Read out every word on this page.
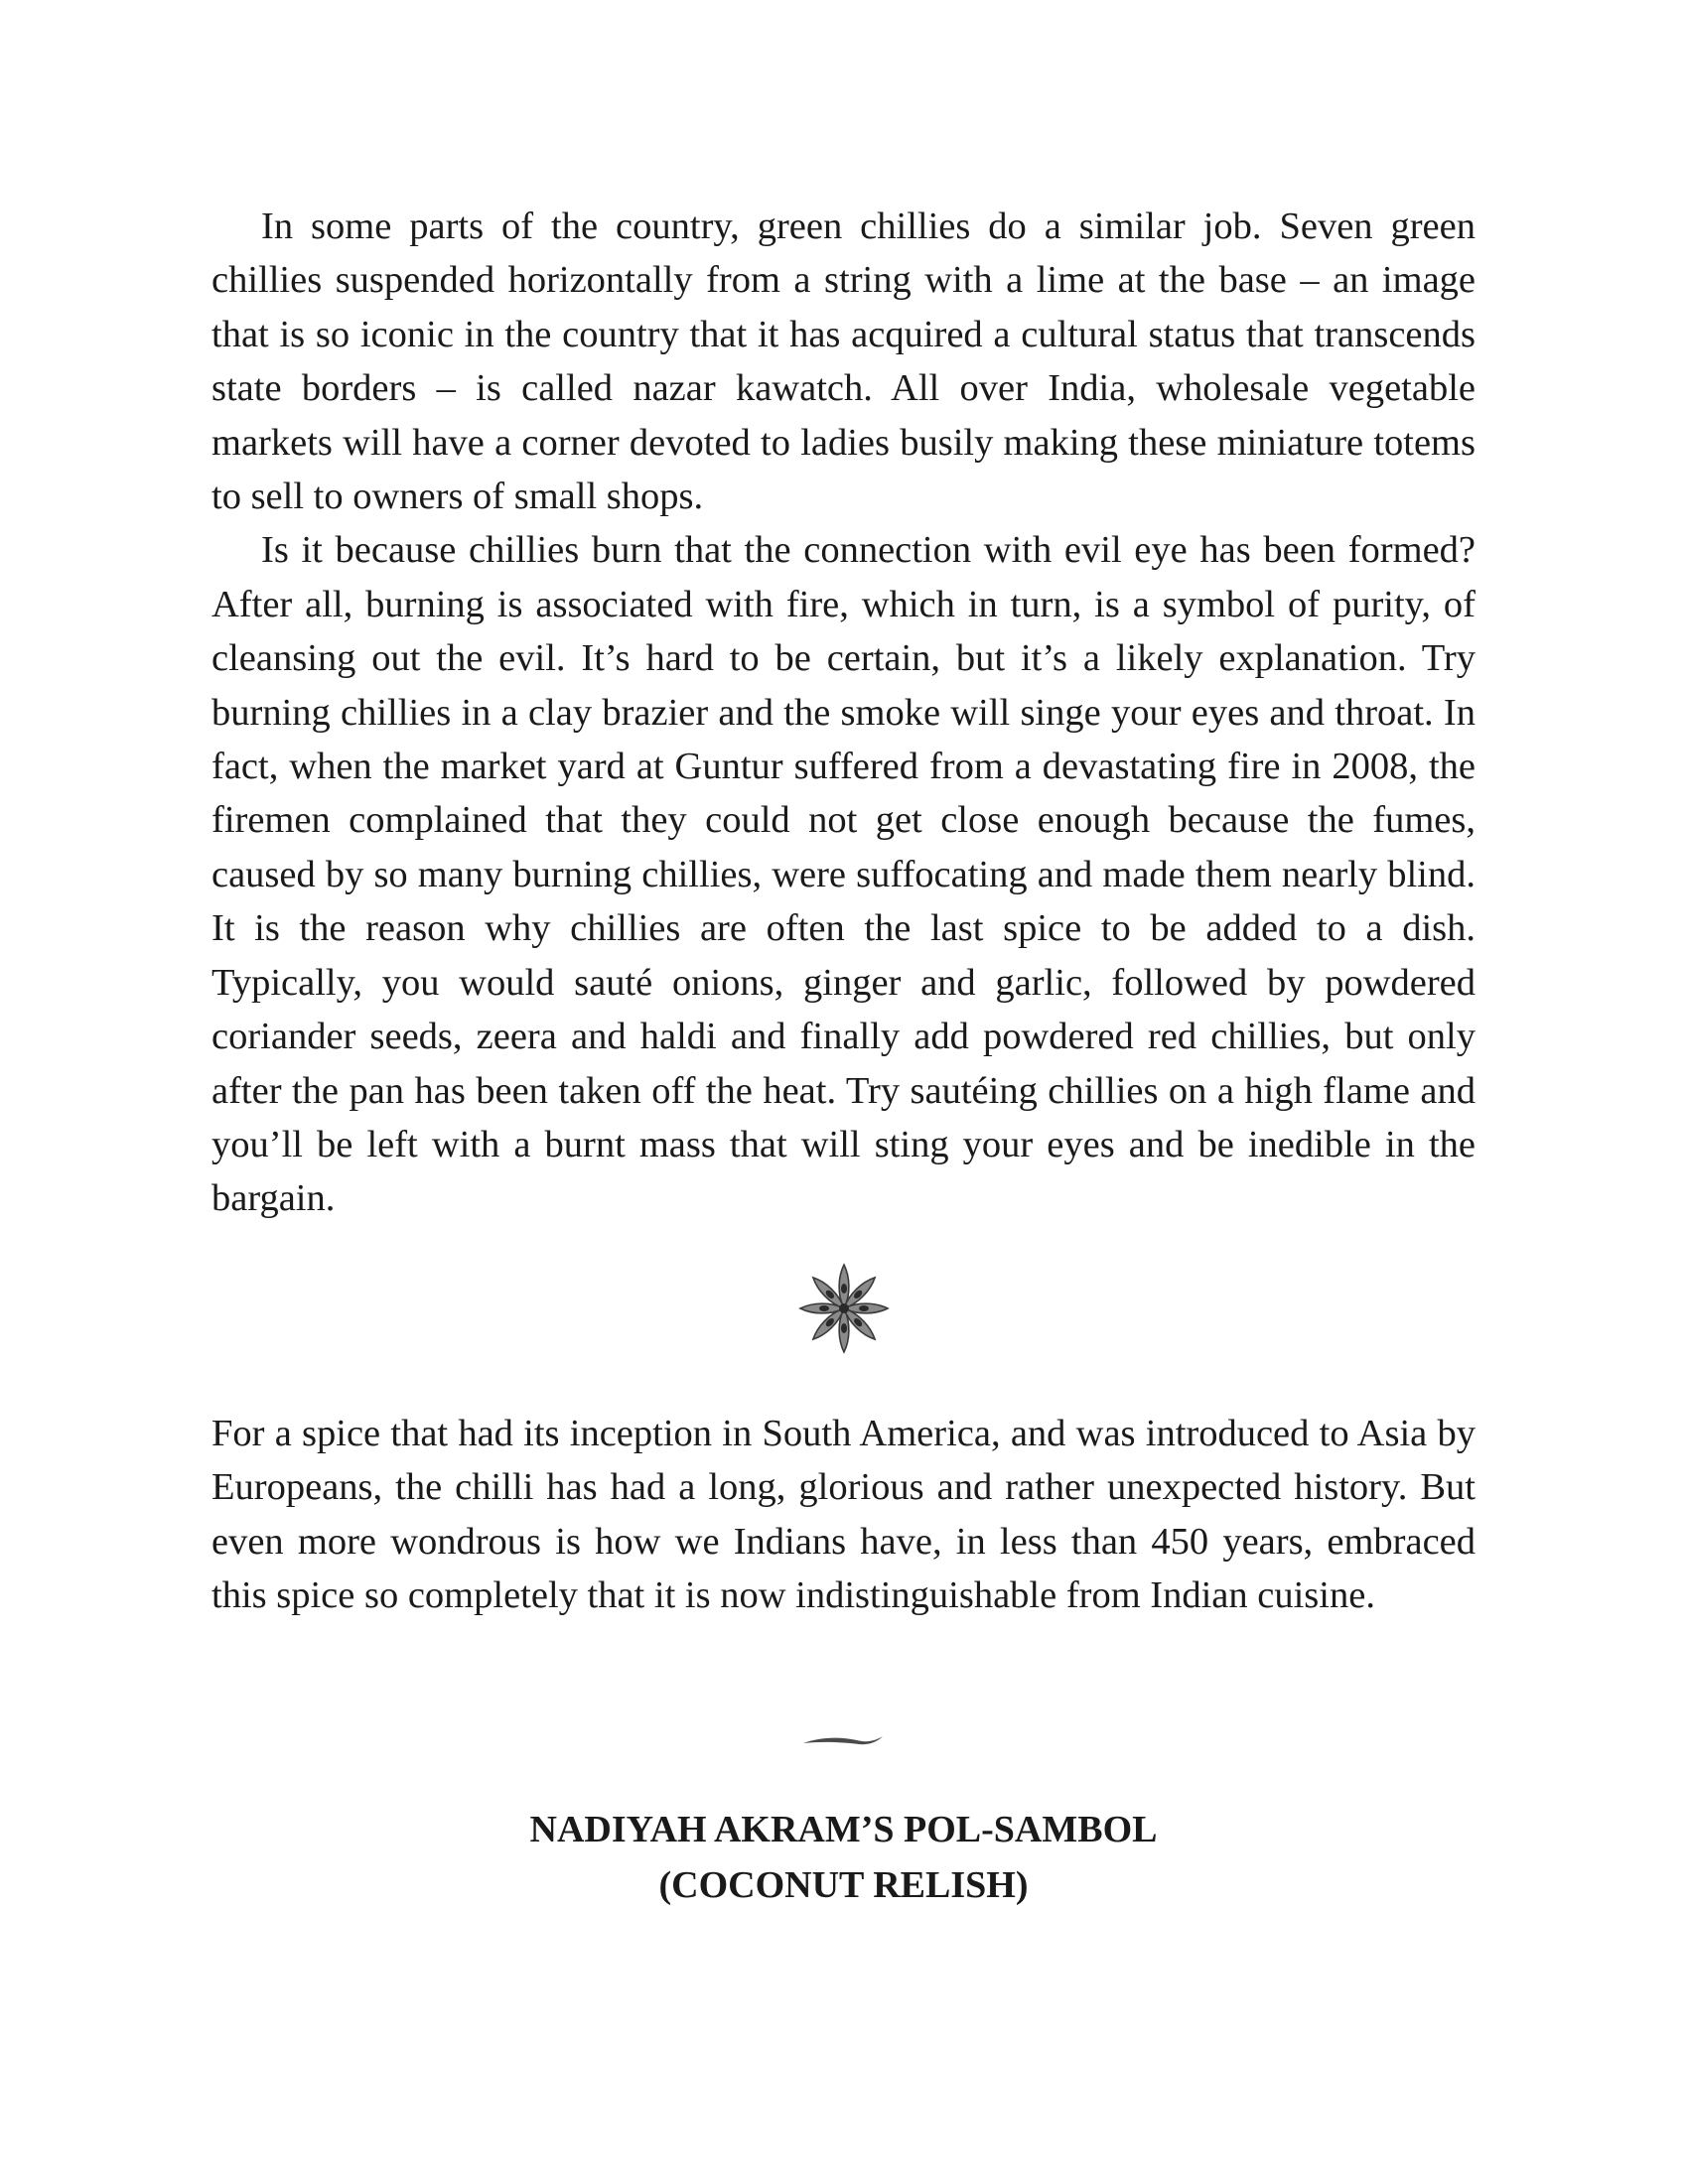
In some parts of the country, green chillies do a similar job. Seven green chillies suspended horizontally from a string with a lime at the base – an image that is so iconic in the country that it has acquired a cultural status that transcends state borders – is called nazar kawatch. All over India, wholesale vegetable markets will have a corner devoted to ladies busily making these miniature totems to sell to owners of small shops.

Is it because chillies burn that the connection with evil eye has been formed? After all, burning is associated with fire, which in turn, is a symbol of purity, of cleansing out the evil. It’s hard to be certain, but it’s a likely explanation. Try burning chillies in a clay brazier and the smoke will singe your eyes and throat. In fact, when the market yard at Guntur suffered from a devastating fire in 2008, the firemen complained that they could not get close enough because the fumes, caused by so many burning chillies, were suffocating and made them nearly blind. It is the reason why chillies are often the last spice to be added to a dish. Typically, you would sauté onions, ginger and garlic, followed by powdered coriander seeds, zeera and haldi and finally add powdered red chillies, but only after the pan has been taken off the heat. Try sautéing chillies on a high flame and you’ll be left with a burnt mass that will sting your eyes and be inedible in the bargain.

For a spice that had its inception in South America, and was introduced to Asia by Europeans, the chilli has had a long, glorious and rather unexpected history. But even more wondrous is how we Indians have, in less than 450 years, embraced this spice so completely that it is now indistinguishable from Indian cuisine.

NADIYAH AKRAM’S POL-SAMBOL
(COCONUT RELISH)
